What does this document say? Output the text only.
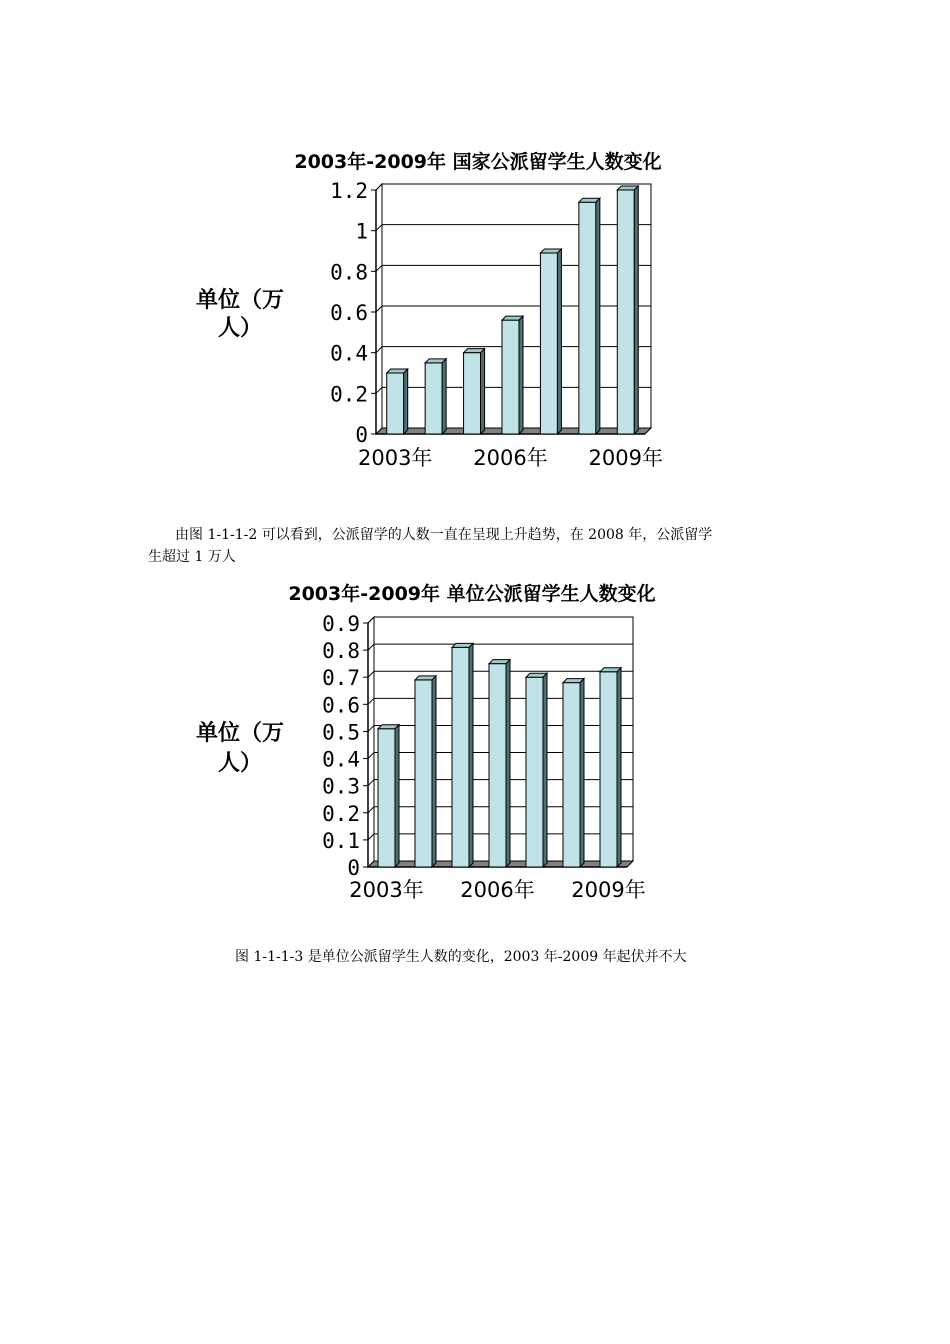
2003年-2009年 国家公派留学生人数变化
单位（万
人）
0
0.2
0.4
0.6
0.8
1
1.2
2003年 2006年 2009年
2003年-2009年 单位公派留学生人数变化
单位（万
人）
0
0.1
0.2
0.3
0.4
0.5
0.6
0.7
0.8
0.9
2003年 2006年 2009年
由图 1-1-1-2 可以看到，公派留学的人数一直在呈现上升趋势，在 2008 年，公派留学
生超过 1 万人
图 1-1-1-3 是单位公派留学生人数的变化，2003 年-2009 年起伏并不大
